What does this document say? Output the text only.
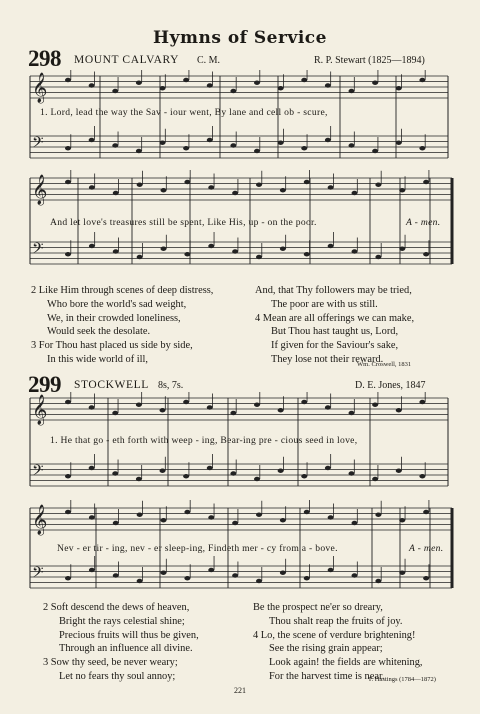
Hymns of Service
298 MOUNT CALVARY C. M.	R. P. Stewart (1825—1894)
𝄞
𝄢
1. Lord, lead the way the Sav - iour went, By lane and cell ob - scure,
𝄞
𝄢
And let love's treasures still be spent, Like His, up - on the poor.	A - men.
2 Like Him through scenes of deep distress,
Who bore the world's sad weight,
We, in their crowded loneliness,
Would seek the desolate.
3 For Thou hast placed us side by side,
In this wide world of ill,
And, that Thy followers may be tried,
The poor are with us still.
4 Mean are all offerings we can make,
But Thou hast taught us, Lord,
If given for the Saviour's sake,
They lose not their reward.
Wm. Croswell, 1831
299 STOCKWELL 8s, 7s.	D. E. Jones, 1847
𝄞
𝄢
1. He that go - eth forth with weep - ing, Bear-ing pre - cious seed in love,
𝄞
𝄢
Nev - er tir - ing, nev - er sleep-ing, Findeth mer - cy from a - bove.	A - men.
2 Soft descend the dews of heaven,
Bright the rays celestial shine;
Precious fruits will thus be given,
Through an influence all divine.
3 Sow thy seed, be never weary;
Let no fears thy soul annoy;
Be the prospect ne'er so dreary,
Thou shalt reap the fruits of joy.
4 Lo, the scene of verdure brightening!
See the rising grain appear;
Look again! the fields are whitening,
For the harvest time is near.
T. Hastings (1784—1872)
221
